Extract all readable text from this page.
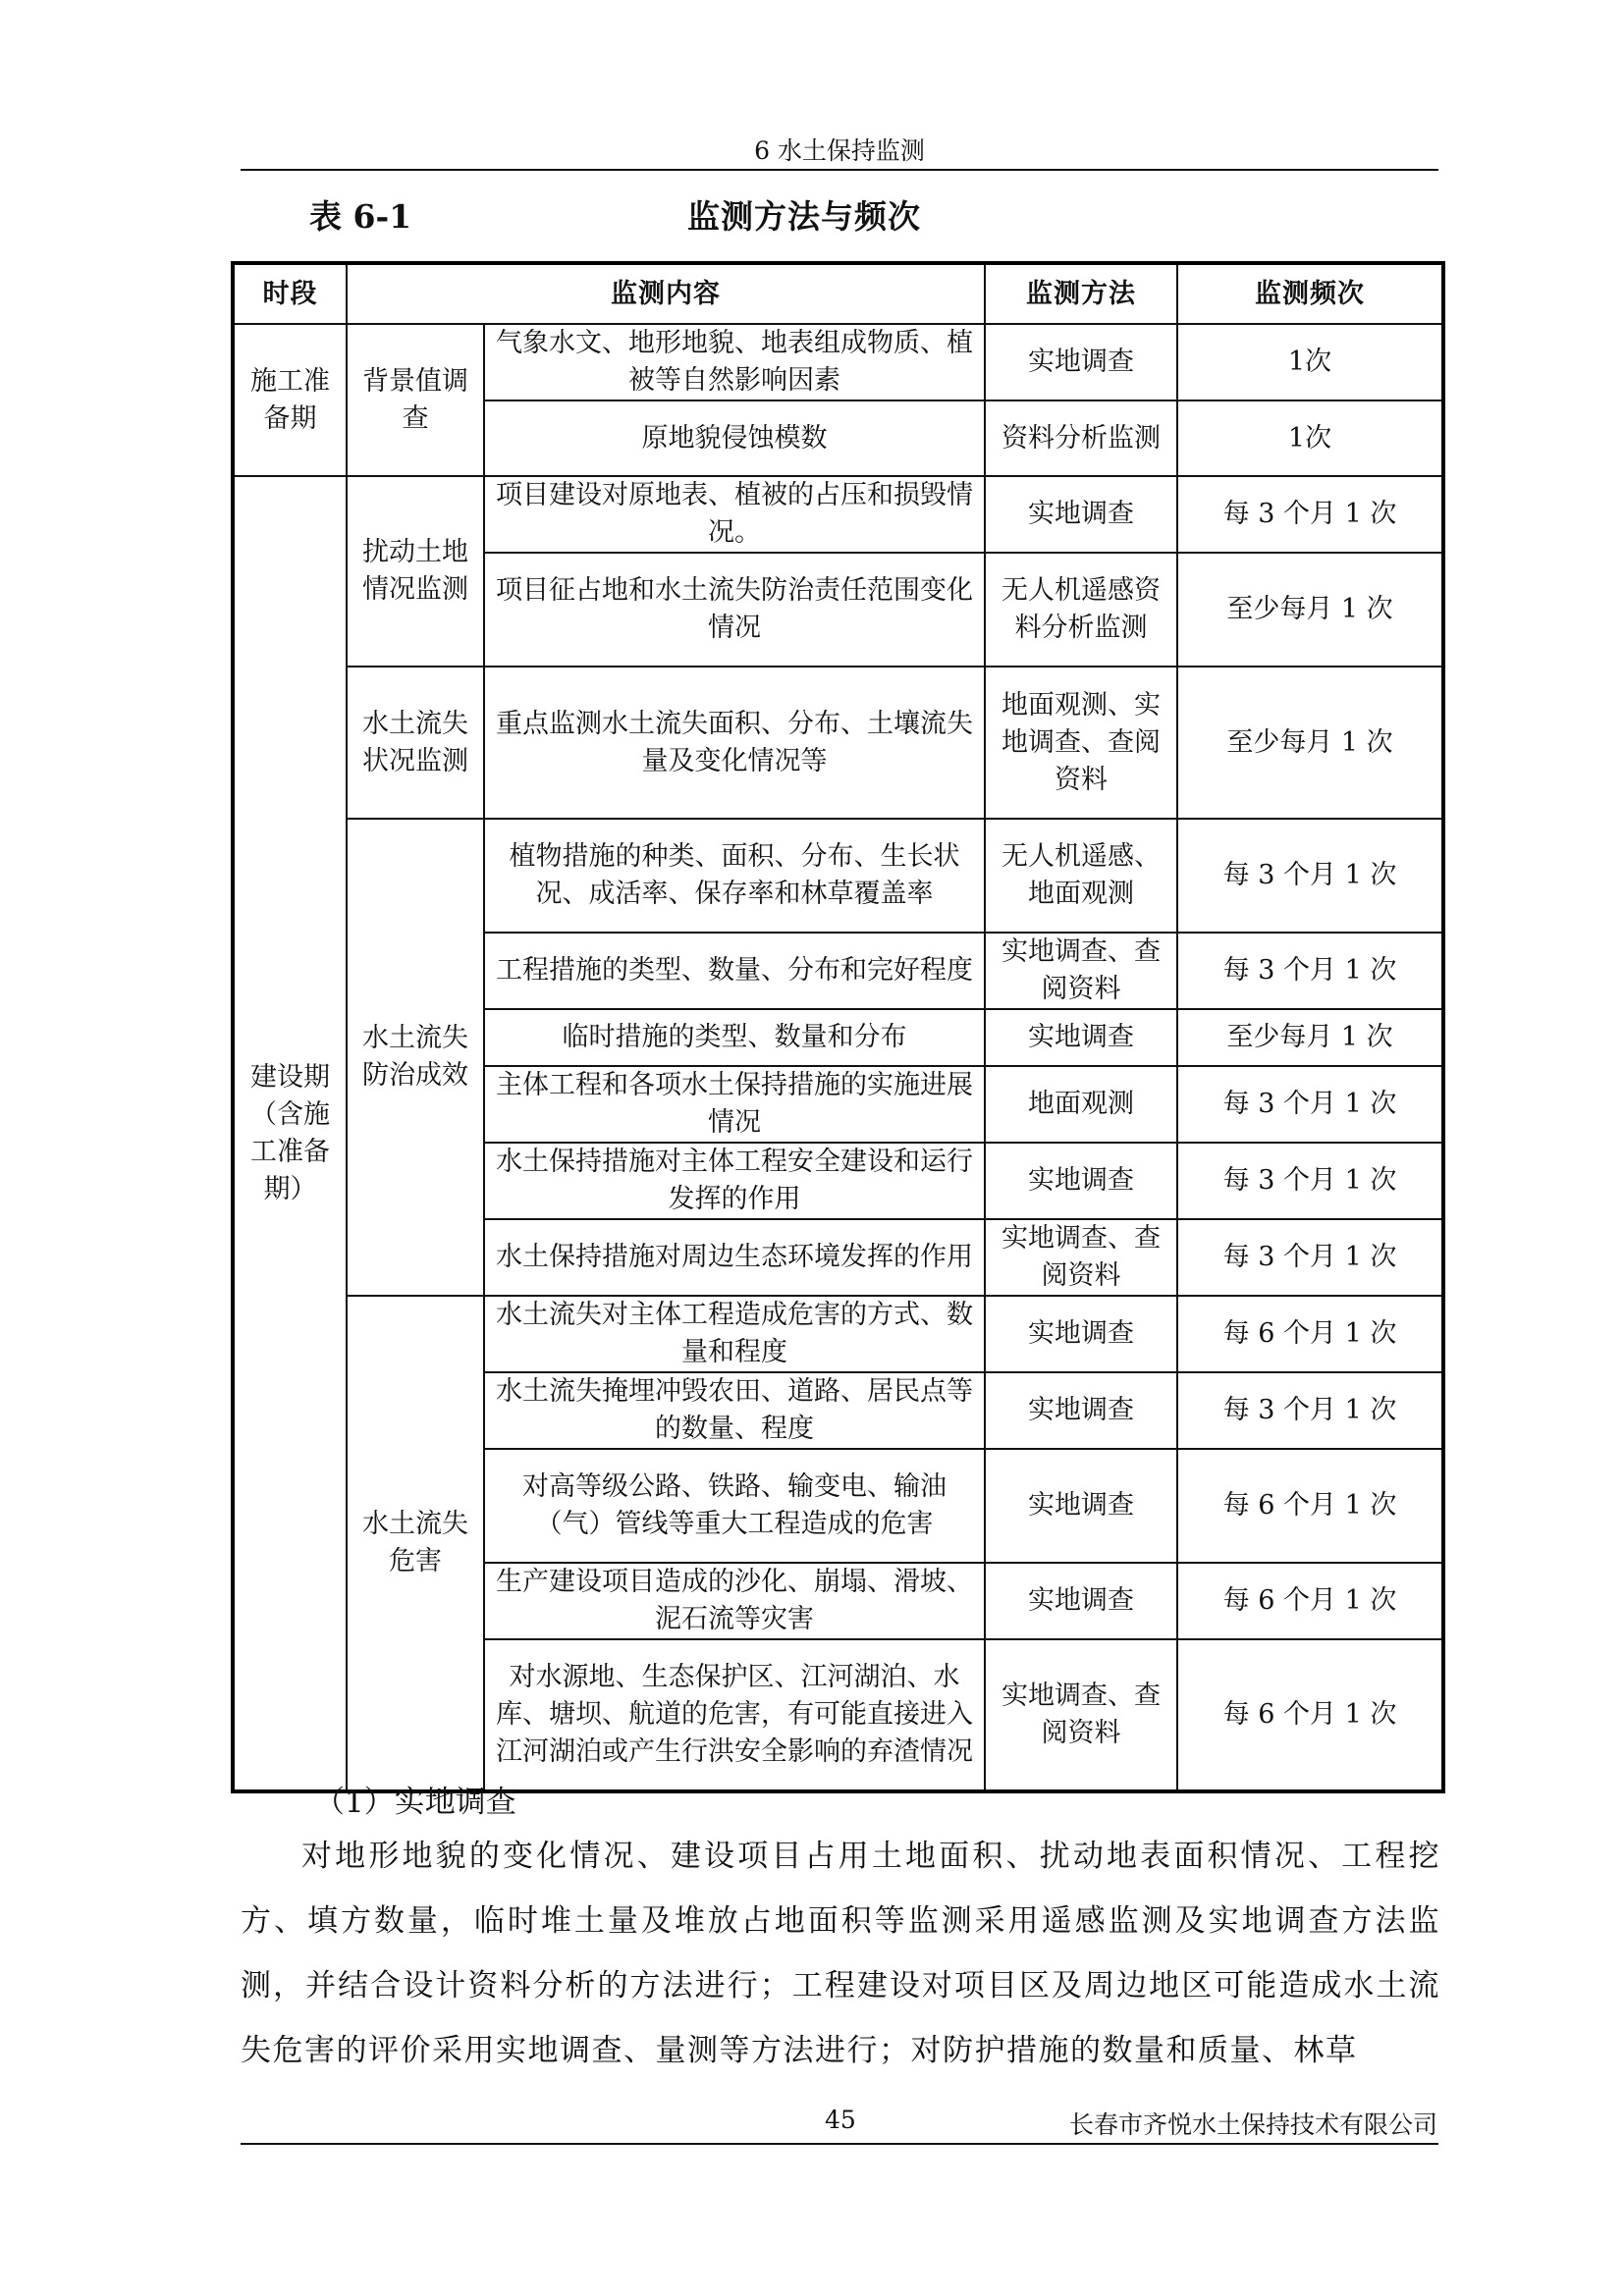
6 水土保持监测
表 6-1	监测方法与频次
时段	监测内容		监测方法	监测频次
施工准备期	背景值调查	气象水文、地形地貌、地表组成物质、植被等自然影响因素	实地调查	1次
		原地貌侵蚀模数	资料分析监测	1次
建设期（含施工准备期）	扰动土地情况监测	项目建设对原地表、植被的占压和损毁情况。	实地调查	每 3 个月 1 次
		项目征占地和水土流失防治责任范围变化情况	无人机遥感资料分析监测	至少每月 1 次
	水土流失状况监测	重点监测水土流失面积、分布、土壤流失量及变化情况等	地面观测、实地调查、查阅资料	至少每月 1 次
	水土流失防治成效	植物措施的种类、面积、分布、生长状况、成活率、保存率和林草覆盖率	无人机遥感、地面观测	每 3 个月 1 次
		工程措施的类型、数量、分布和完好程度	实地调查、查阅资料	每 3 个月 1 次
		临时措施的类型、数量和分布	实地调查	至少每月 1 次
		主体工程和各项水土保持措施的实施进展情况	地面观测	每 3 个月 1 次
		水土保持措施对主体工程安全建设和运行发挥的作用	实地调查	每 3 个月 1 次
		水土保持措施对周边生态环境发挥的作用	实地调查、查阅资料	每 3 个月 1 次
	水土流失危害	水土流失对主体工程造成危害的方式、数量和程度	实地调查	每 6 个月 1 次
		水土流失掩埋冲毁农田、道路、居民点等的数量、程度	实地调查	每 3 个月 1 次
		对高等级公路、铁路、输变电、输油（气）管线等重大工程造成的危害	实地调查	每 6 个月 1 次
		生产建设项目造成的沙化、崩塌、滑坡、泥石流等灾害	实地调查	每 6 个月 1 次
		对水源地、生态保护区、江河湖泊、水库、塘坝、航道的危害，有可能直接进入江河湖泊或产生行洪安全影响的弃渣情况	实地调查、查阅资料	每 6 个月 1 次
（1）实地调查
对地形地貌的变化情况、建设项目占用土地面积、扰动地表面积情况、工程挖方、填方数量，临时堆土量及堆放占地面积等监测采用遥感监测及实地调查方法监测，并结合设计资料分析的方法进行；工程建设对项目区及周边地区可能造成水土流失危害的评价采用实地调查、量测等方法进行；对防护措施的数量和质量、林草
45	长春市齐悦水土保持技术有限公司
